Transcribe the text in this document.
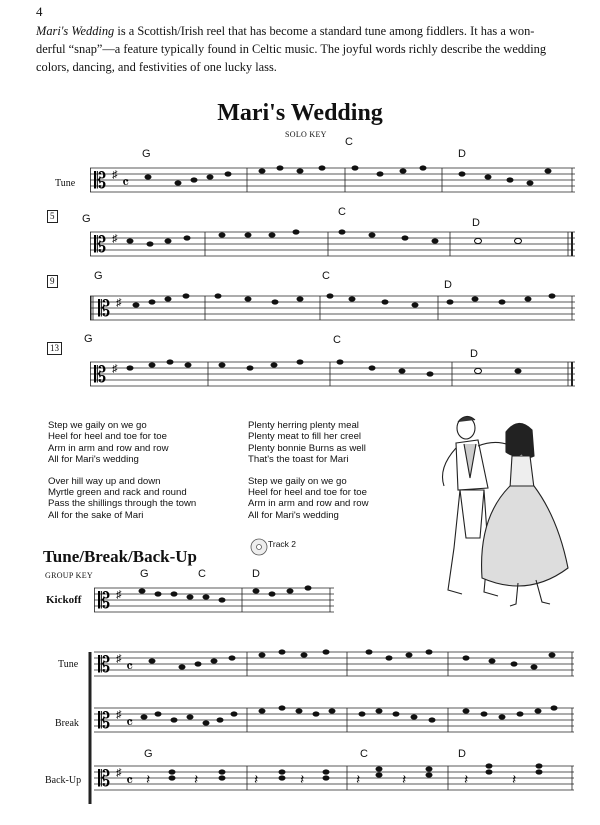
4
Mari's Wedding is a Scottish/Irish reel that has become a standard tune among fiddlers. It has a won-
derful “snap”—a feature typically found in Celtic music. The joyful words richly describe the wedding
colors, dancing, and festivities of one lucky lass.
Mari's Wedding
SOLO KEY
Tune
G
C
D
𝄡 ♯ 𝄴
5	G
C
D
𝄡 ♯
9	G	C
D
𝄡 ♯
13
G	C
D
𝄡 ♯
Step we gaily on we go
Heel for heel and toe for toe
Arm in arm and row and row
All for Mari's wedding
Over hill way up and down
Myrtle green and rack and round
Pass the shillings through the town
All for the sake of Mari
Plenty herring plenty meal
Plenty meat to fill her creel
Plenty bonnie Burns as well
That's the toast for Mari
Step we gaily on we go
Heel for heel and toe for toe
Arm in arm and row and row
All for Mari's wedding
Tune/Break/Back-Up
Track 2
GROUP KEY	G	C	D
Kickoff 𝄡 ♯
Tune
Break
Back-Up
𝄡 ♯ 𝄴
𝄡 ♯ 𝄴
G	C	D
𝄡 ♯ 𝄴 𝄽	𝄽	𝄽	𝄽	𝄽	𝄽	𝄽	𝄽
